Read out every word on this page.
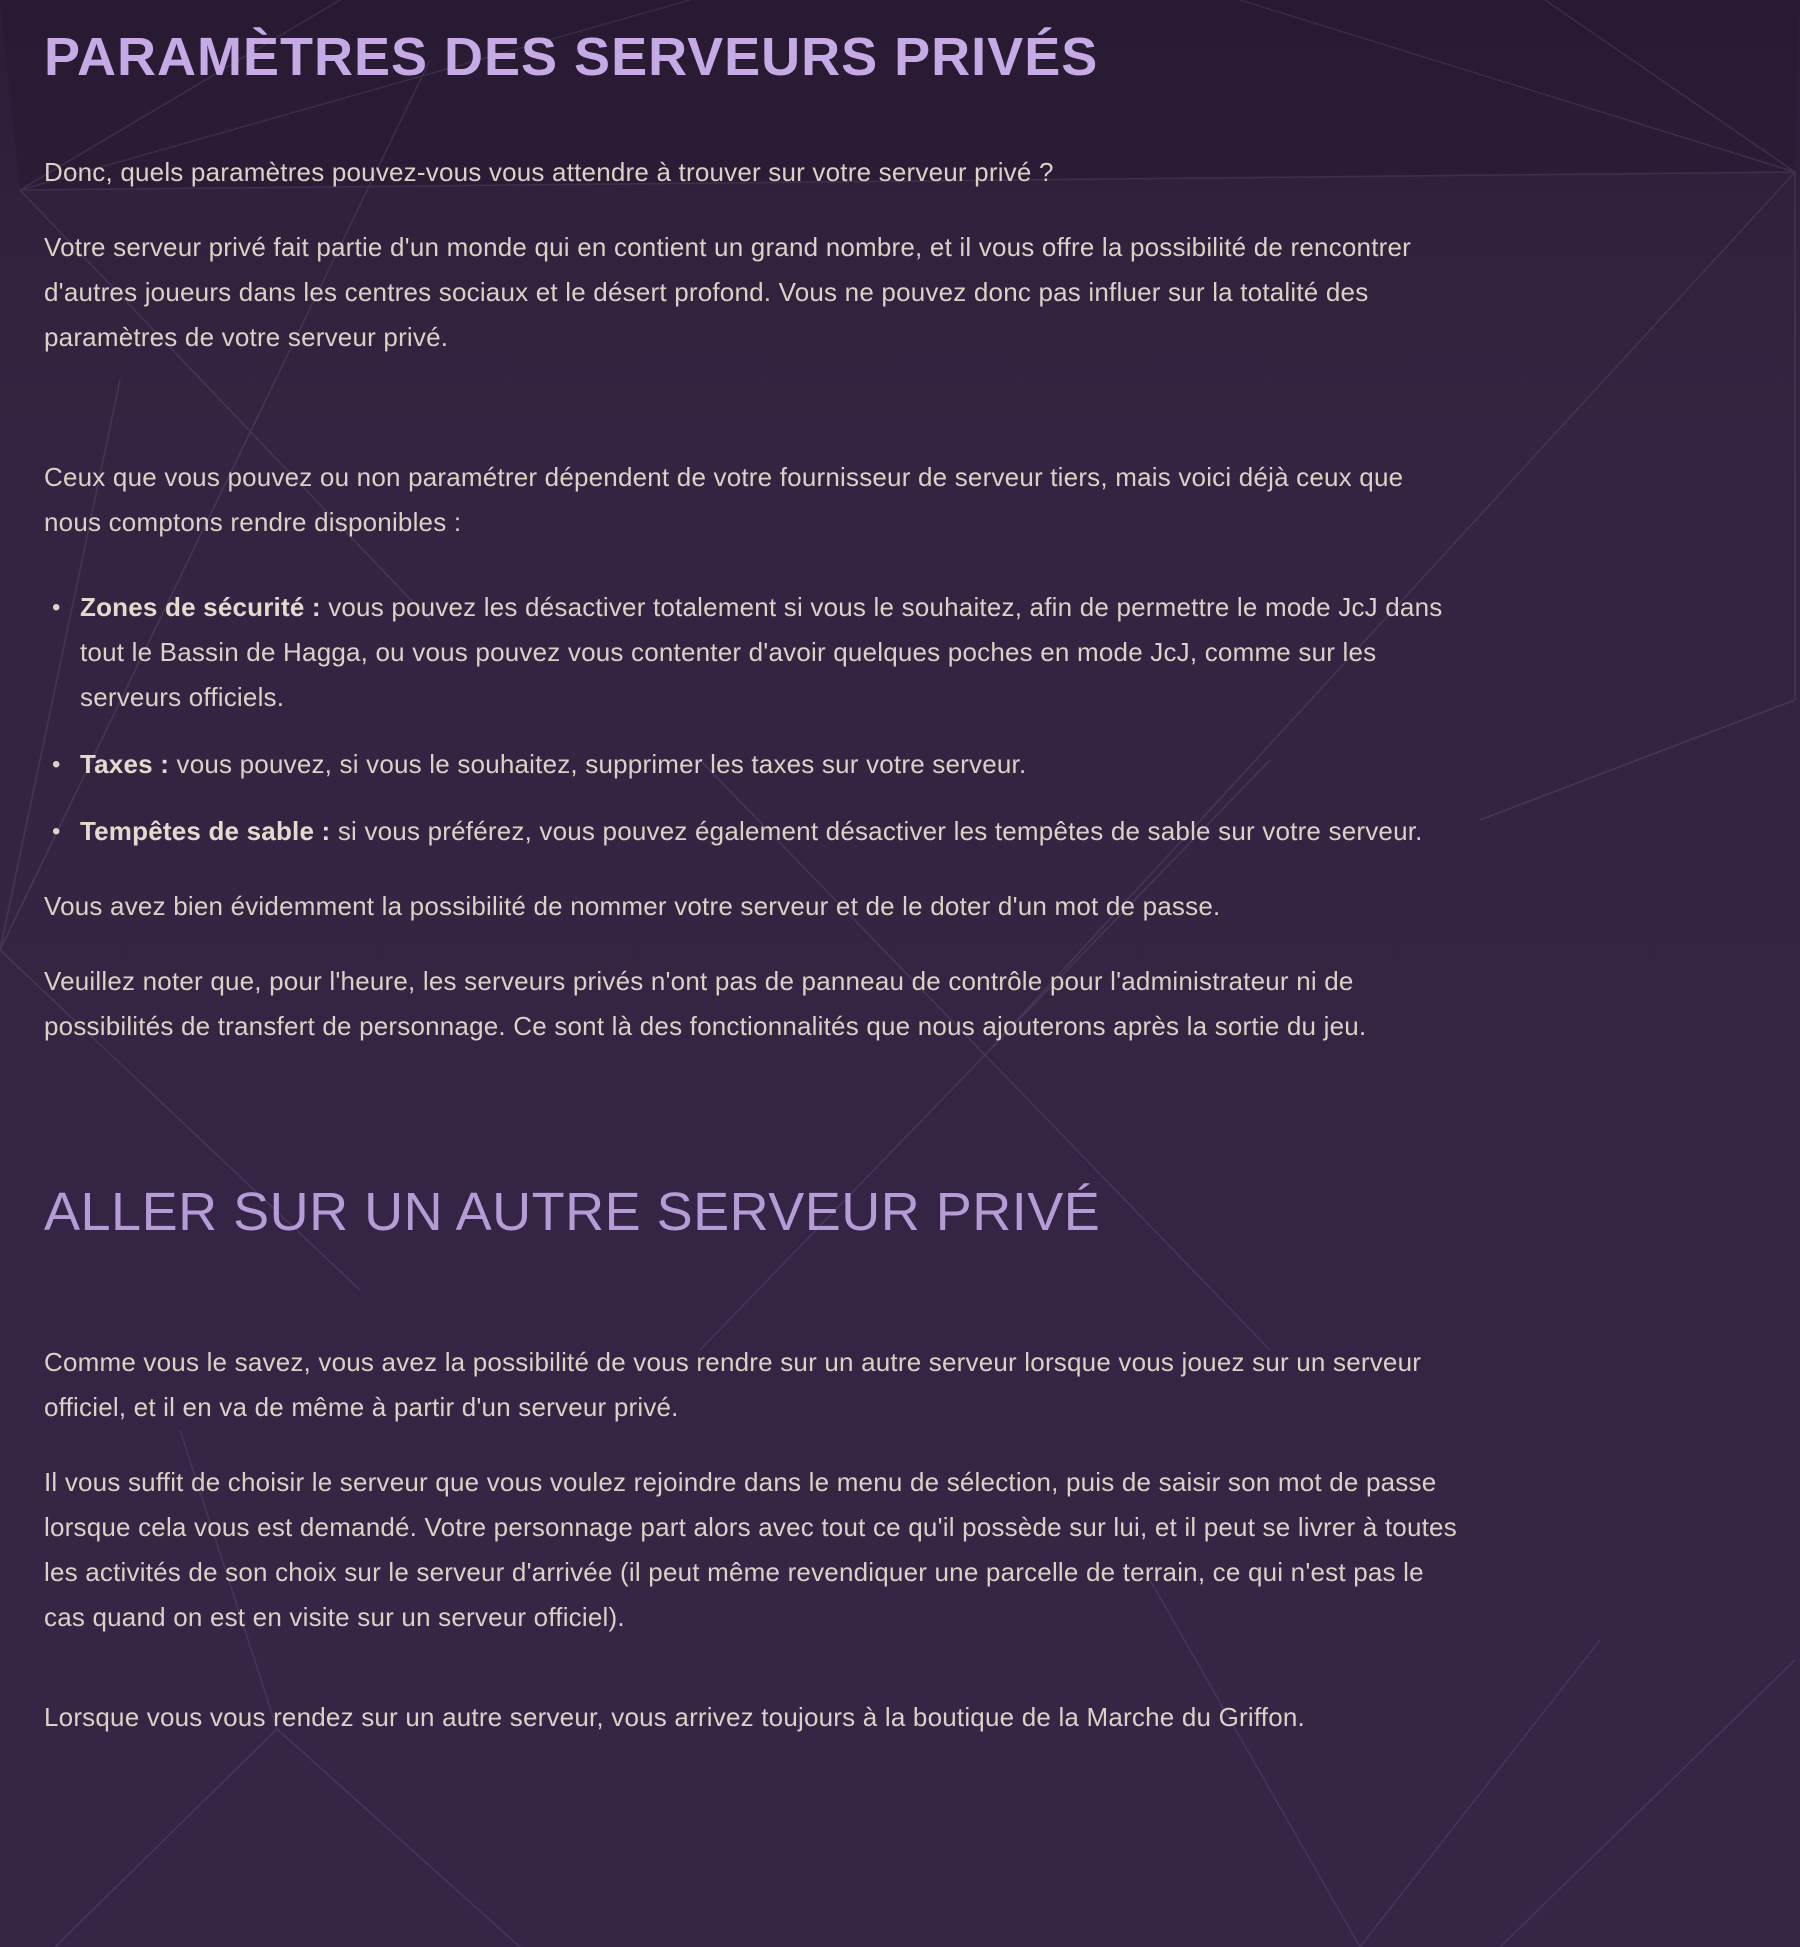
PARAMÈTRES DES SERVEURS PRIVÉS

Donc, quels paramètres pouvez-vous vous attendre à trouver sur votre serveur privé ?

Votre serveur privé fait partie d'un monde qui en contient un grand nombre, et il vous offre la possibilité de rencontrer d'autres joueurs dans les centres sociaux et le désert profond. Vous ne pouvez donc pas influer sur la totalité des paramètres de votre serveur privé.

Ceux que vous pouvez ou non paramétrer dépendent de votre fournisseur de serveur tiers, mais voici déjà ceux que nous comptons rendre disponibles :

• Zones de sécurité : vous pouvez les désactiver totalement si vous le souhaitez, afin de permettre le mode JcJ dans tout le Bassin de Hagga, ou vous pouvez vous contenter d'avoir quelques poches en mode JcJ, comme sur les serveurs officiels.
• Taxes : vous pouvez, si vous le souhaitez, supprimer les taxes sur votre serveur.
• Tempêtes de sable : si vous préférez, vous pouvez également désactiver les tempêtes de sable sur votre serveur.

Vous avez bien évidemment la possibilité de nommer votre serveur et de le doter d'un mot de passe.

Veuillez noter que, pour l'heure, les serveurs privés n'ont pas de panneau de contrôle pour l'administrateur ni de possibilités de transfert de personnage. Ce sont là des fonctionnalités que nous ajouterons après la sortie du jeu.

ALLER SUR UN AUTRE SERVEUR PRIVÉ

Comme vous le savez, vous avez la possibilité de vous rendre sur un autre serveur lorsque vous jouez sur un serveur officiel, et il en va de même à partir d'un serveur privé.

Il vous suffit de choisir le serveur que vous voulez rejoindre dans le menu de sélection, puis de saisir son mot de passe lorsque cela vous est demandé. Votre personnage part alors avec tout ce qu'il possède sur lui, et il peut se livrer à toutes les activités de son choix sur le serveur d'arrivée (il peut même revendiquer une parcelle de terrain, ce qui n'est pas le cas quand on est en visite sur un serveur officiel).

Lorsque vous vous rendez sur un autre serveur, vous arrivez toujours à la boutique de la Marche du Griffon.
